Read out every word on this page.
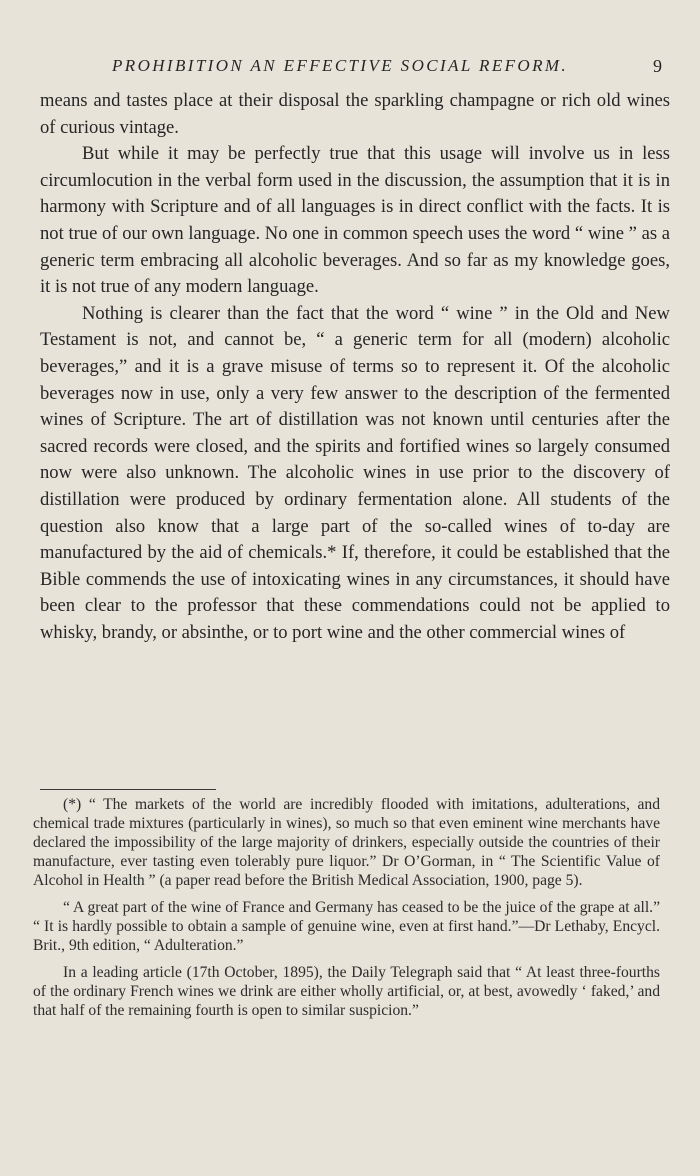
PROHIBITION AN EFFECTIVE SOCIAL REFORM.	9

means and tastes place at their disposal the sparkling champagne or rich old wines of curious vintage.

But while it may be perfectly true that this usage will involve us in less circumlocution in the verbal form used in the discussion, the assumption that it is in harmony with Scripture and of all languages is in direct conflict with the facts. It is not true of our own language. No one in common speech uses the word “ wine ” as a generic term embracing all alcoholic beverages. And so far as my knowledge goes, it is not true of any modern language.

Nothing is clearer than the fact that the word “ wine ” in the Old and New Testament is not, and cannot be, “ a generic term for all (modern) alcoholic beverages,” and it is a grave misuse of terms so to represent it. Of the alcoholic beverages now in use, only a very few answer to the description of the fermented wines of Scripture. The art of distillation was not known until centuries after the sacred records were closed, and the spirits and fortified wines so largely consumed now were also unknown. The alcoholic wines in use prior to the discovery of distillation were produced by ordinary fermentation alone. All students of the question also know that a large part of the so-called wines of to-day are manufactured by the aid of chemicals.* If, therefore, it could be established that the Bible commends the use of intoxicating wines in any circumstances, it should have been clear to the professor that these commendations could not be applied to whisky, brandy, or absinthe, or to port wine and the other commercial wines of

(*) “ The markets of the world are incredibly flooded with imitations, adulterations, and chemical trade mixtures (particularly in wines), so much so that even eminent wine merchants have declared the impossibility of the large majority of drinkers, especially outside the countries of their manufacture, ever tasting even tolerably pure liquor.” Dr O’Gorman, in “ The Scientific Value of Alcohol in Health ” (a paper read before the British Medical Association, 1900, page 5).

“ A great part of the wine of France and Germany has ceased to be the juice of the grape at all.” “ It is hardly possible to obtain a sample of genuine wine, even at first hand.”—Dr Lethaby, Encycl. Brit., 9th edition, “ Adulteration.”

In a leading article (17th October, 1895), the Daily Telegraph said that “ At least three-fourths of the ordinary French wines we drink are either wholly artificial, or, at best, avowedly ‘ faked,’ and that half of the remaining fourth is open to similar suspicion.”
